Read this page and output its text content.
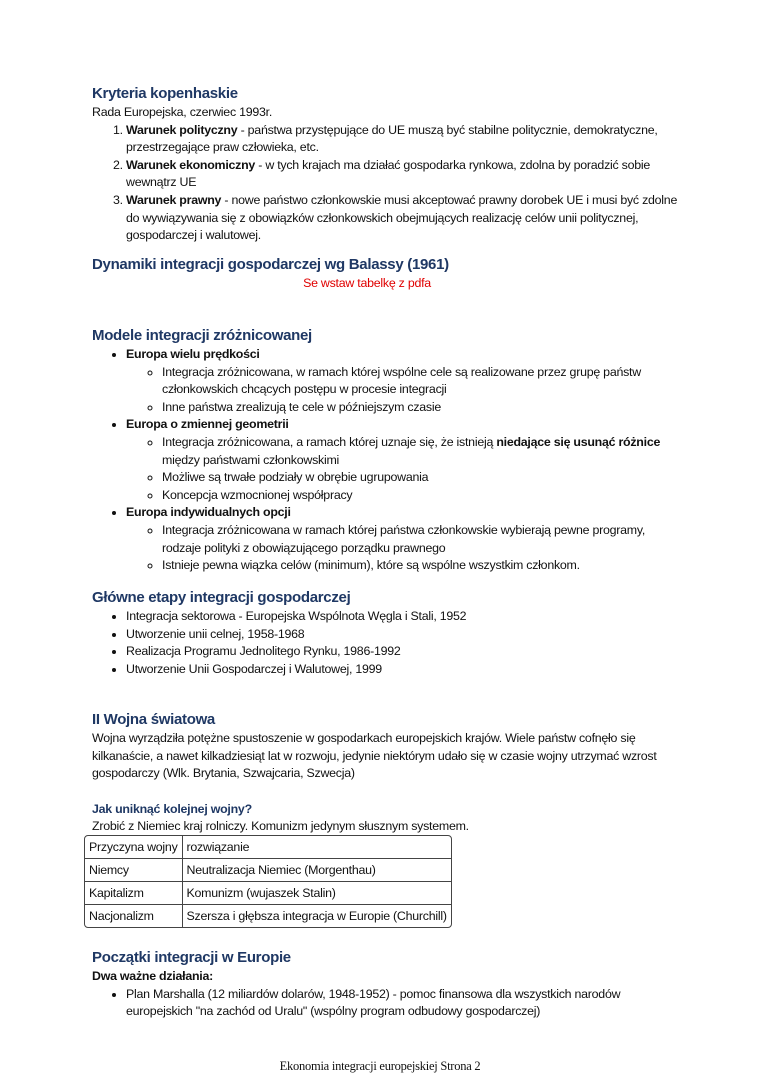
Kryteria kopenhaskie

Rada Europejska, czerwiec 1993r.

1. Warunek polityczny - państwa przystępujące do UE muszą być stabilne politycznie, demokratyczne, przestrzegające praw człowieka, etc.
2. Warunek ekonomiczny - w tych krajach ma działać gospodarka rynkowa, zdolna by poradzić sobie wewnątrz UE
3. Warunek prawny - nowe państwo członkowskie musi akceptować prawny dorobek UE i musi być zdolne do wywiązywania się z obowiązków członkowskich obejmujących realizację celów unii politycznej, gospodarczej i walutowej.
Dynamiki integracji gospodarczej wg Balassy (1961)

Se wstaw tabelkę z pdfa

Modele integracji zróżnicowanej
• Europa wielu prędkości
◦ Integracja zróżnicowana, w ramach której wspólne cele są realizowane przez grupę państw członkowskich chcących postępu w procesie integracji
◦ Inne państwa zrealizują te cele w późniejszym czasie
• Europa o zmiennej geometrii
◦ Integracja zróżnicowana, a ramach której uznaje się, że istnieją niedające się usunąć różnice między państwami członkowskimi
◦ Możliwe są trwałe podziały w obrębie ugrupowania
◦ Koncepcja wzmocnionej współpracy
• Europa indywidualnych opcji
◦ Integracja zróżnicowana w ramach której państwa członkowskie wybierają pewne programy, rodzaje polityki z obowiązującego porządku prawnego
◦ Istnieje pewna wiązka celów (minimum), które są wspólne wszystkim członkom.
Główne etapy integracji gospodarczej
• Integracja sektorowa - Europejska Wspólnota Węgla i Stali, 1952
• Utworzenie unii celnej, 1958-1968
• Realizacja Programu Jednolitego Rynku, 1986-1992
• Utworzenie Unii Gospodarczej i Walutowej, 1999
II Wojna światowa

Wojna wyrządziła potężne spustoszenie w gospodarkach europejskich krajów. Wiele państw cofnęło się kilkanaście, a nawet kilkadziesiąt lat w rozwoju, jedynie niektórym udało się w czasie wojny utrzymać wzrost gospodarczy (Wlk. Brytania, Szwajcaria, Szwecja)

Jak uniknąć kolejnej wojny?

Zrobić z Niemiec kraj rolniczy. Komunizm jedynym słusznym systemem.

Przyczyna wojny	rozwiązanie
Niemcy	Neutralizacja Niemiec (Morgenthau)
Kapitalizm	Komunizm (wujaszek Stalin)
Nacjonalizm	Szersza i głębsza integracja w Europie (Churchill)
Początki integracji w Europie

Dwa ważne działania:

• Plan Marshalla (12 miliardów dolarów, 1948-1952) - pomoc finansowa dla wszystkich narodów europejskich "na zachód od Uralu" (wspólny program odbudowy gospodarczej)
Ekonomia integracji europejskiej Strona 2
